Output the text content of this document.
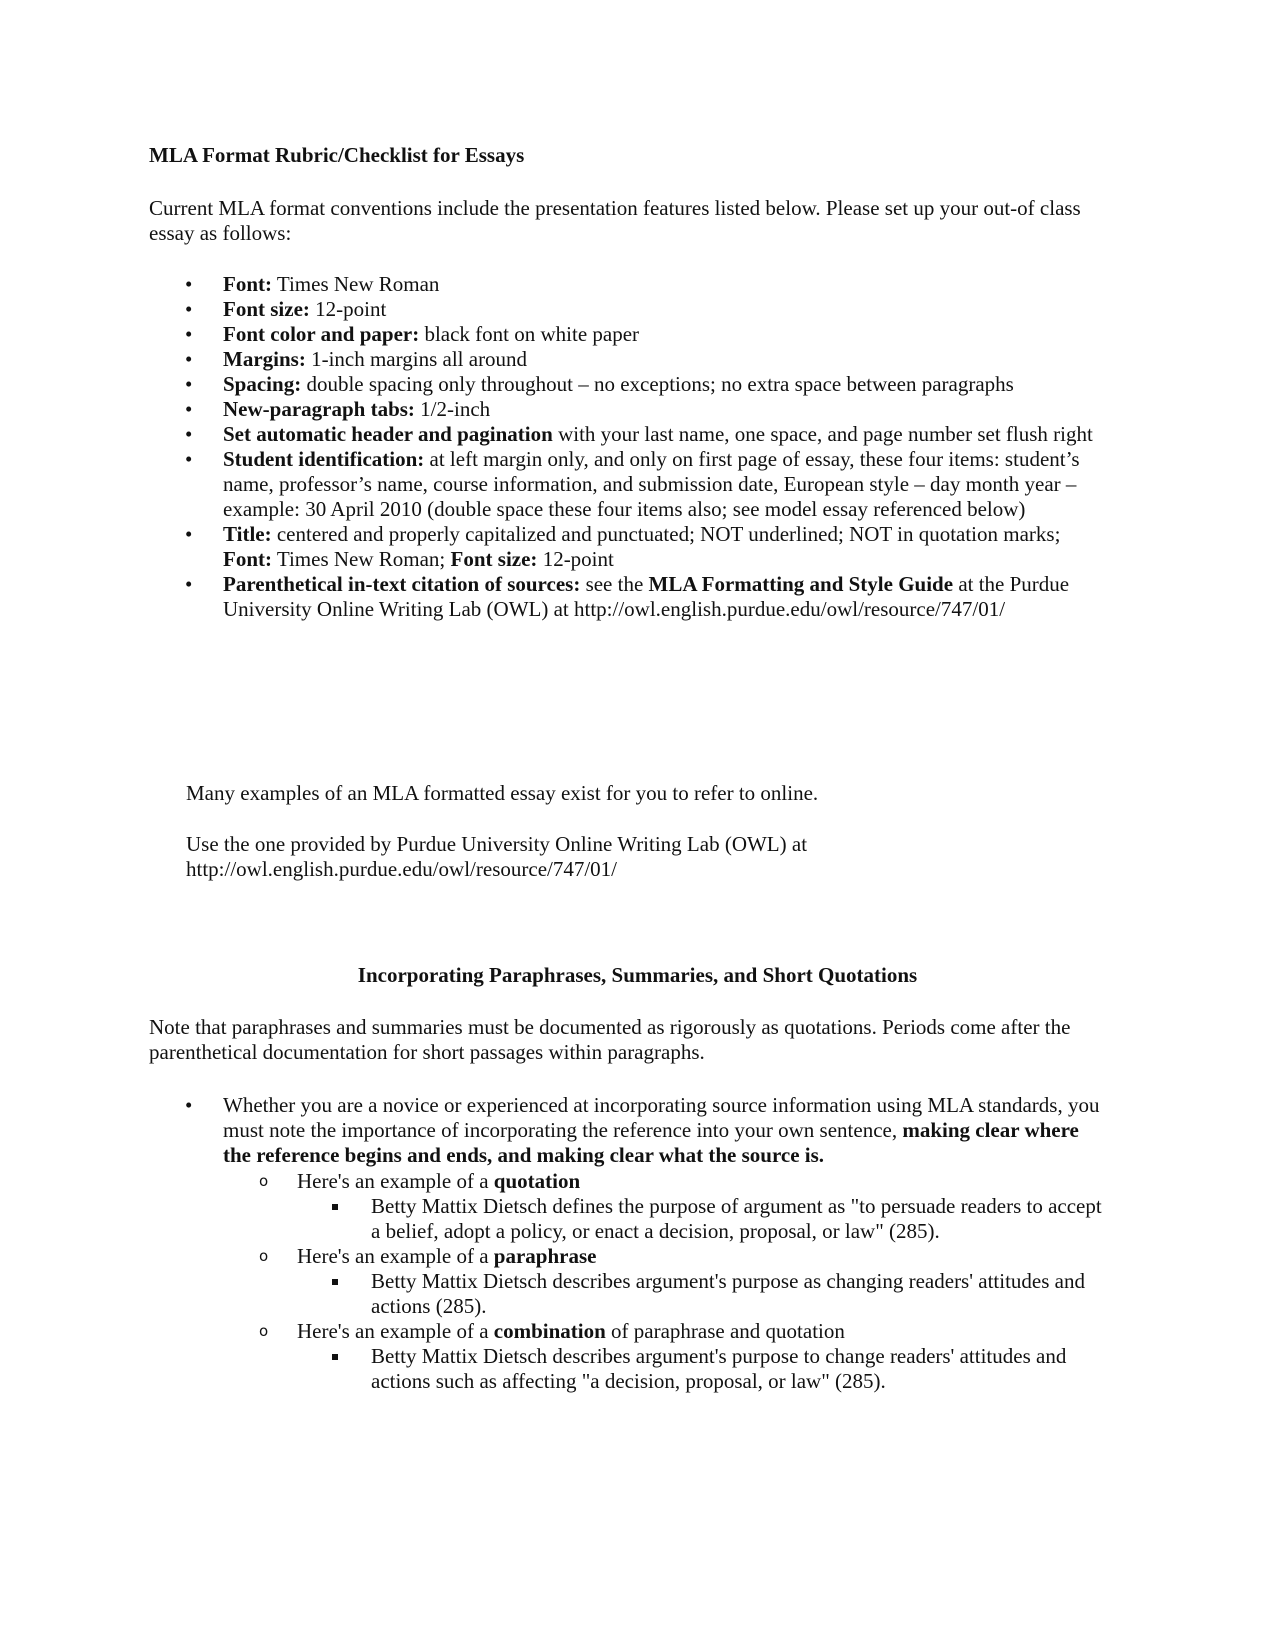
MLA Format Rubric/Checklist for Essays

Current MLA format conventions include the presentation features listed below. Please set up your out-of class essay as follows:

• Font: Times New Roman
• Font size: 12-point
• Font color and paper: black font on white paper
• Margins: 1-inch margins all around
• Spacing: double spacing only throughout – no exceptions; no extra space between paragraphs
• New-paragraph tabs: 1/2-inch
• Set automatic header and pagination with your last name, one space, and page number set flush right
• Student identification: at left margin only, and only on first page of essay, these four items: student’s name, professor’s name, course information, and submission date, European style – day month year – example: 30 April 2010 (double space these four items also; see model essay referenced below)
• Title: centered and properly capitalized and punctuated; NOT underlined; NOT in quotation marks; Font: Times New Roman; Font size: 12-point
• Parenthetical in-text citation of sources: see the MLA Formatting and Style Guide at the Purdue University Online Writing Lab (OWL) at http://owl.english.purdue.edu/owl/resource/747/01/

Many examples of an MLA formatted essay exist for you to refer to online.

Use the one provided by Purdue University Online Writing Lab (OWL) at http://owl.english.purdue.edu/owl/resource/747/01/

Incorporating Paraphrases, Summaries, and Short Quotations

Note that paraphrases and summaries must be documented as rigorously as quotations. Periods come after the parenthetical documentation for short passages within paragraphs.

• Whether you are a novice or experienced at incorporating source information using MLA standards, you must note the importance of incorporating the reference into your own sentence, making clear where the reference begins and ends, and making clear what the source is.
o Here's an example of a quotation
Betty Mattix Dietsch defines the purpose of argument as "to persuade readers to accept a belief, adopt a policy, or enact a decision, proposal, or law" (285).
o Here's an example of a paraphrase
Betty Mattix Dietsch describes argument's purpose as changing readers' attitudes and actions (285).
o Here's an example of a combination of paraphrase and quotation
Betty Mattix Dietsch describes argument's purpose to change readers' attitudes and actions such as affecting "a decision, proposal, or law" (285).
